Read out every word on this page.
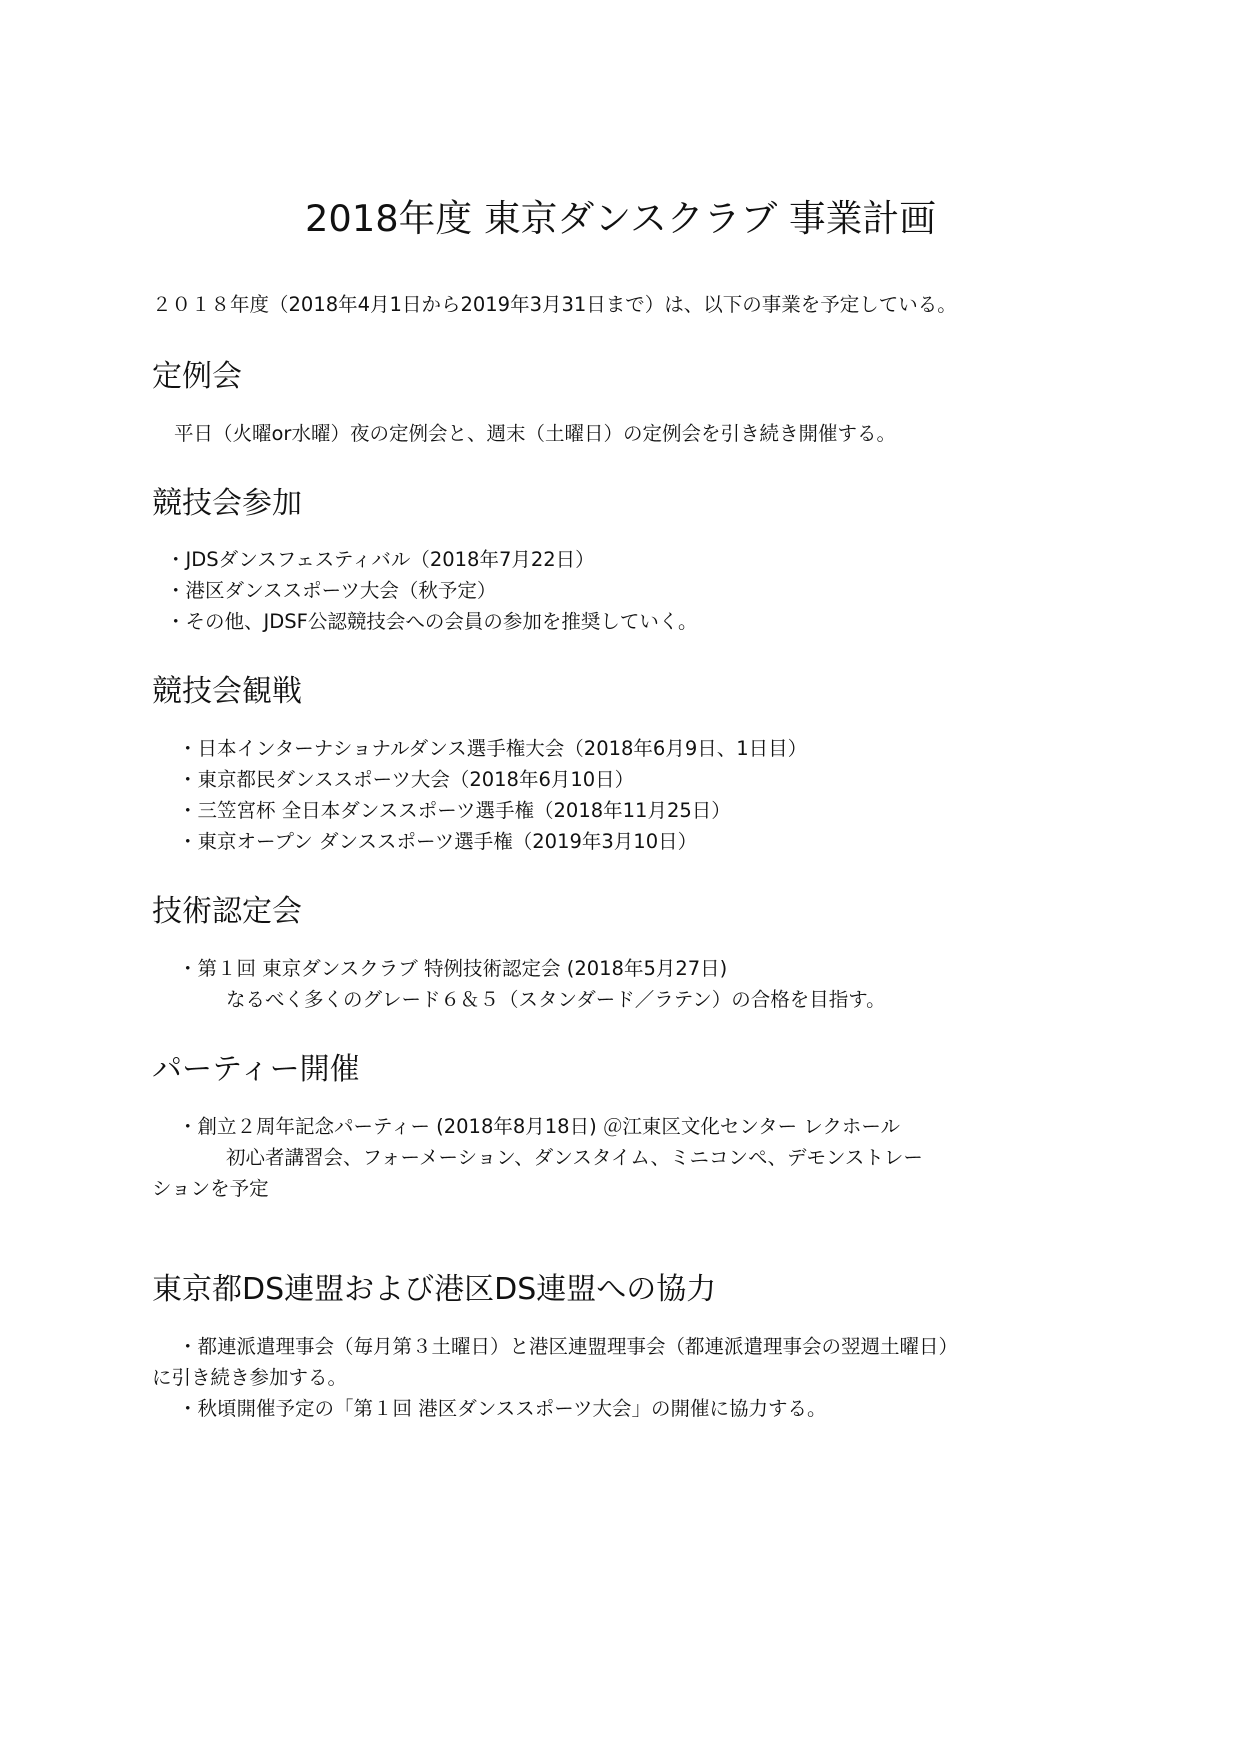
2018年度 東京ダンスクラブ 事業計画

２０１８年度（2018年4月1日から2019年3月31日まで）は、以下の事業を予定している。

定例会

平日（火曜or水曜）夜の定例会と、週末（土曜日）の定例会を引き続き開催する。

競技会参加

・JDSダンスフェスティバル（2018年7月22日）

・港区ダンススポーツ大会（秋予定）

・その他、JDSF公認競技会への会員の参加を推奨していく。

競技会観戦

・日本インターナショナルダンス選手権大会（2018年6月9日、1日目）

・東京都民ダンススポーツ大会（2018年6月10日）

・三笠宮杯 全日本ダンススポーツ選手権（2018年11月25日）

・東京オープン ダンススポーツ選手権（2019年3月10日）

技術認定会

・第１回 東京ダンスクラブ 特例技術認定会 (2018年5月27日)

なるべく多くのグレード６＆５（スタンダード／ラテン）の合格を目指す。

パーティー開催

・創立２周年記念パーティー (2018年8月18日) ＠江東区文化センター レクホール

初心者講習会、フォーメーション、ダンスタイム、ミニコンペ、デモンストレー

ションを予定

東京都DS連盟および港区DS連盟への協力

・都連派遣理事会（毎月第３土曜日）と港区連盟理事会（都連派遣理事会の翌週土曜日）

に引き続き参加する。

・秋頃開催予定の「第１回 港区ダンススポーツ大会」の開催に協力する。
